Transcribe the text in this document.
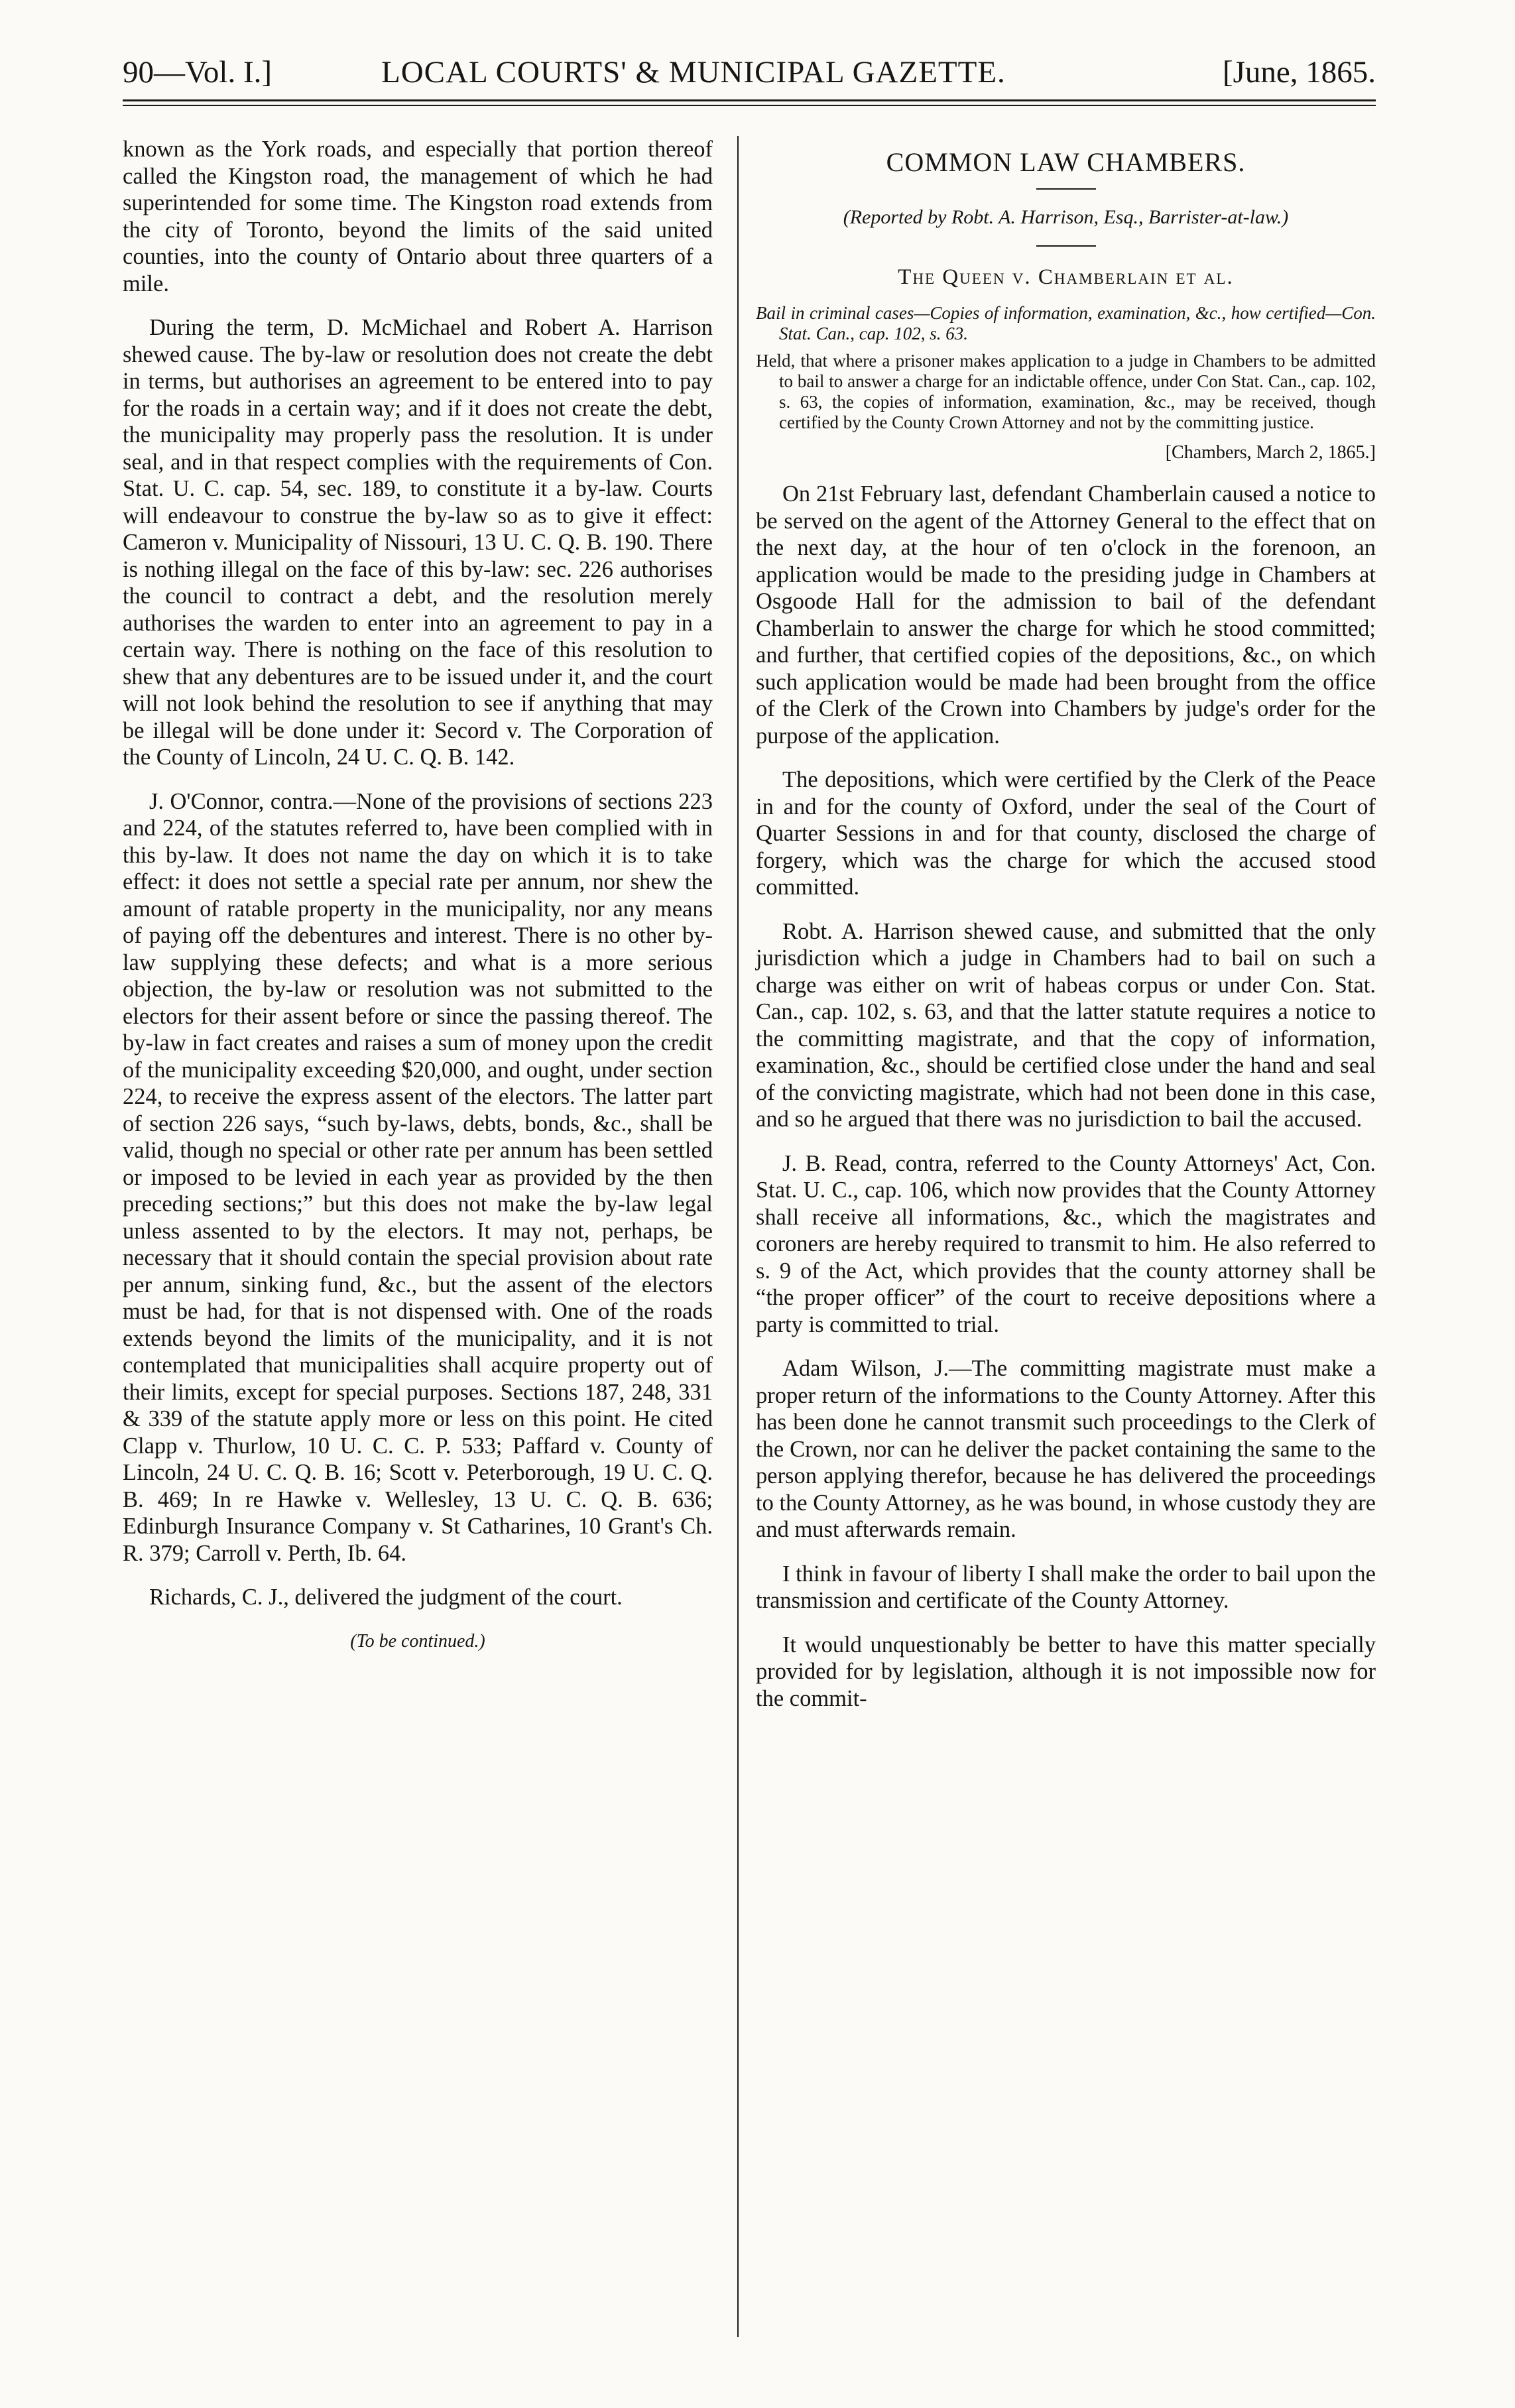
90—Vol. I.]	LOCAL COURTS' & MUNICIPAL GAZETTE.	[June, 1865.

known as the York roads, and especially that portion thereof called the Kingston road, the management of which he had superintended for some time. The Kingston road extends from the city of Toronto, beyond the limits of the said united counties, into the county of Ontario about three quarters of a mile.

During the term, D. McMichael and Robert A. Harrison shewed cause. The by-law or resolution does not create the debt in terms, but authorises an agreement to be entered into to pay for the roads in a certain way; and if it does not create the debt, the municipality may properly pass the resolution. It is under seal, and in that respect complies with the requirements of Con. Stat. U. C. cap. 54, sec. 189, to constitute it a by-law. Courts will endeavour to construe the by-law so as to give it effect: Cameron v. Municipality of Nissouri, 13 U. C. Q. B. 190. There is nothing illegal on the face of this by-law: sec. 226 authorises the council to contract a debt, and the resolution merely authorises the warden to enter into an agreement to pay in a certain way. There is nothing on the face of this resolution to shew that any debentures are to be issued under it, and the court will not look behind the resolution to see if anything that may be illegal will be done under it: Secord v. The Corporation of the County of Lincoln, 24 U. C. Q. B. 142.

J. O'Connor, contra.—None of the provisions of sections 223 and 224, of the statutes referred to, have been complied with in this by-law. It does not name the day on which it is to take effect: it does not settle a special rate per annum, nor shew the amount of ratable property in the municipality, nor any means of paying off the debentures and interest. There is no other by-law supplying these defects; and what is a more serious objection, the by-law or resolution was not submitted to the electors for their assent before or since the passing thereof. The by-law in fact creates and raises a sum of money upon the credit of the municipality exceeding $20,000, and ought, under section 224, to receive the express assent of the electors. The latter part of section 226 says, “such by-laws, debts, bonds, &c., shall be valid, though no special or other rate per annum has been settled or imposed to be levied in each year as provided by the then preceding sections;” but this does not make the by-law legal unless assented to by the electors. It may not, perhaps, be necessary that it should contain the special provision about rate per annum, sinking fund, &c., but the assent of the electors must be had, for that is not dispensed with. One of the roads extends beyond the limits of the municipality, and it is not contemplated that municipalities shall acquire property out of their limits, except for special purposes. Sections 187, 248, 331 & 339 of the statute apply more or less on this point. He cited Clapp v. Thurlow, 10 U. C. C. P. 533; Paffard v. County of Lincoln, 24 U. C. Q. B. 16; Scott v. Peterborough, 19 U. C. Q. B. 469; In re Hawke v. Wellesley, 13 U. C. Q. B. 636; Edinburgh Insurance Company v. St Catharines, 10 Grant's Ch. R. 379; Carroll v. Perth, Ib. 64.

Richards, C. J., delivered the judgment of the court.

(To be continued.)
COMMON LAW CHAMBERS.
(Reported by Robt. A. Harrison, Esq., Barrister-at-law.)
The Queen v. Chamberlain et al.
Bail in criminal cases—Copies of information, examination, &c., how certified—Con. Stat. Can., cap. 102, s. 63.
Held, that where a prisoner makes application to a judge in Chambers to be admitted to bail to answer a charge for an indictable offence, under Con Stat. Can., cap. 102, s. 63, the copies of information, examination, &c., may be received, though certified by the County Crown Attorney and not by the committing justice.
[Chambers, March 2, 1865.]

On 21st February last, defendant Chamberlain caused a notice to be served on the agent of the Attorney General to the effect that on the next day, at the hour of ten o'clock in the forenoon, an application would be made to the presiding judge in Chambers at Osgoode Hall for the admission to bail of the defendant Chamberlain to answer the charge for which he stood committed; and further, that certified copies of the depositions, &c., on which such application would be made had been brought from the office of the Clerk of the Crown into Chambers by judge's order for the purpose of the application.

The depositions, which were certified by the Clerk of the Peace in and for the county of Oxford, under the seal of the Court of Quarter Sessions in and for that county, disclosed the charge of forgery, which was the charge for which the accused stood committed.

Robt. A. Harrison shewed cause, and submitted that the only jurisdiction which a judge in Chambers had to bail on such a charge was either on writ of habeas corpus or under Con. Stat. Can., cap. 102, s. 63, and that the latter statute requires a notice to the committing magistrate, and that the copy of information, examination, &c., should be certified close under the hand and seal of the convicting magistrate, which had not been done in this case, and so he argued that there was no jurisdiction to bail the accused.

J. B. Read, contra, referred to the County Attorneys' Act, Con. Stat. U. C., cap. 106, which now provides that the County Attorney shall receive all informations, &c., which the magistrates and coroners are hereby required to transmit to him. He also referred to s. 9 of the Act, which provides that the county attorney shall be “the proper officer” of the court to receive depositions where a party is committed to trial.

Adam Wilson, J.—The committing magistrate must make a proper return of the informations to the County Attorney. After this has been done he cannot transmit such proceedings to the Clerk of the Crown, nor can he deliver the packet containing the same to the person applying therefor, because he has delivered the proceedings to the County Attorney, as he was bound, in whose custody they are and must afterwards remain.

I think in favour of liberty I shall make the order to bail upon the transmission and certificate of the County Attorney.

It would unquestionably be better to have this matter specially provided for by legislation, although it is not impossible now for the commit-
